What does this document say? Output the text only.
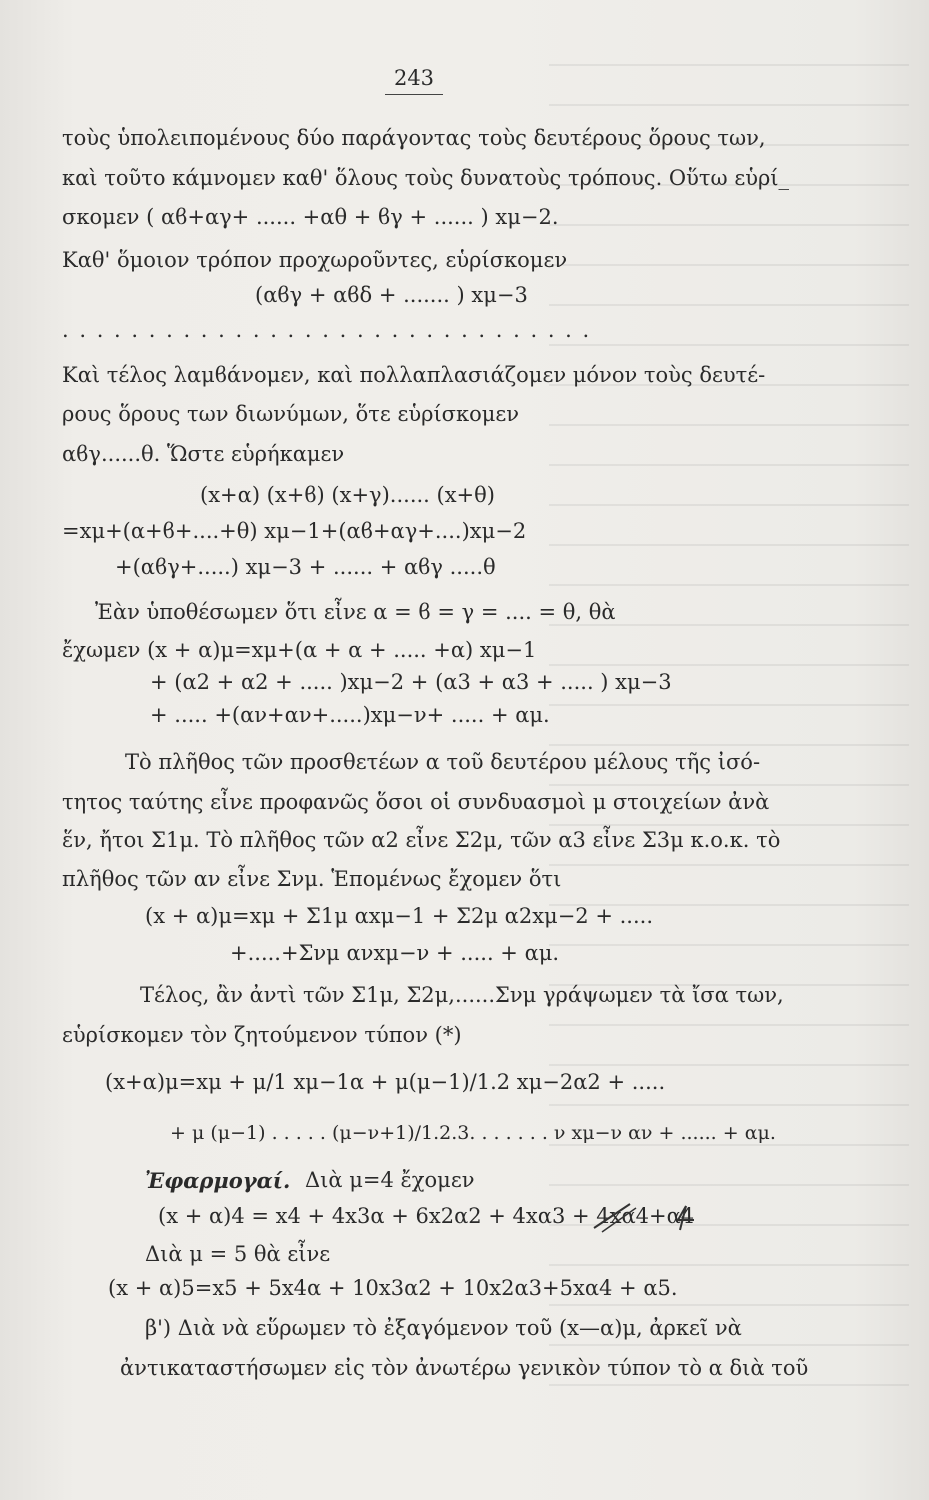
243
τοὺς ὑπολειπομένους δύο παράγοντας τοὺς δευτέρους ὅρους των,
καὶ τοῦτο κάμνομεν καθ' ὅλους τοὺς δυνατοὺς τρόπους. Οὕτω εὑρί_
σκομεν ( αϐ+αγ+ ...... +αθ + ϐγ + ...... ) xμ−2.
Καθ' ὅμοιον τρόπον προχωροῦντες, εὑρίσκομεν
(αϐγ + αϐδ + ....... ) xμ−3
. . . . . . . . . . . . . . . . . . . . . . . . . . . . . . .
Καὶ τέλος λαμϐάνομεν, καὶ πολλαπλασιάζομεν μόνον τοὺς δευτέ-
ρους ὅρους των διωνύμων, ὅτε εὑρίσκομεν
αϐγ......θ. Ὥστε εὑρήκαμεν
(x+α) (x+ϐ) (x+γ)...... (x+θ)
=xμ+(α+ϐ+....+θ) xμ−1+(αϐ+αγ+....)xμ−2
+(αϐγ+.....) xμ−3 + ...... + αϐγ .....θ
Ἐὰν ὑποθέσωμεν ὅτι εἶνε α = ϐ = γ = .... = θ, θὰ
ἔχωμεν (x + α)μ=xμ+(α + α + ..... +α) xμ−1
+ (α2 + α2 + ..... )xμ−2 + (α3 + α3 + ..... ) xμ−3
+ ..... +(αν+αν+.....)xμ−ν+ ..... + αμ.
Τὸ πλῆθος τῶν προσθετέων α τοῦ δευτέρου μέλους τῆς ἰσό-
τητος ταύτης εἶνε προφανῶς ὅσοι οἱ συνδυασμοὶ μ στοιχείων ἀνὰ
ἕν, ἤτοι Σ1μ. Τὸ πλῆθος τῶν α2 εἶνε Σ2μ, τῶν α3 εἶνε Σ3μ κ.ο.κ. τὸ
πλῆθος τῶν αν εἶνε Σνμ. Ἑπομένως ἔχομεν ὅτι
(x + α)μ=xμ + Σ1μ αxμ−1 + Σ2μ α2xμ−2 + .....
+.....+Σνμ ανxμ−ν + ..... + αμ.
Τέλος, ἂν ἀντὶ τῶν Σ1μ, Σ2μ,......Σνμ γράψωμεν τὰ ἴσα των,
εὑρίσκομεν τὸν ζητούμενον τύπον (*)
(x+α)μ=xμ + μ/1 xμ−1α + μ(μ−1)/1.2 xμ−2α2 + .....
+ μ (μ−1) . . . . . (μ−ν+1)/1.2.3. . . . . . . ν xμ−ν αν + ...... + αμ.
Ἐφαρμογαί. Διὰ μ=4 ἔχομεν
(x + α)4 = x4 + 4x3α + 6x2α2 + 4xα3 + 4xα4+α4
Διὰ μ = 5 θὰ εἶνε
(x + α)5=x5 + 5x4α + 10x3α2 + 10x2α3+5xα4 + α5.
β') Διὰ νὰ εὕρωμεν τὸ ἐξαγόμενον τοῦ (x—α)μ, ἀρκεῖ νὰ
ἀντικαταστήσωμεν εἰς τὸν ἀνωτέρω γενικὸν τύπον τὸ α διὰ τοῦ
